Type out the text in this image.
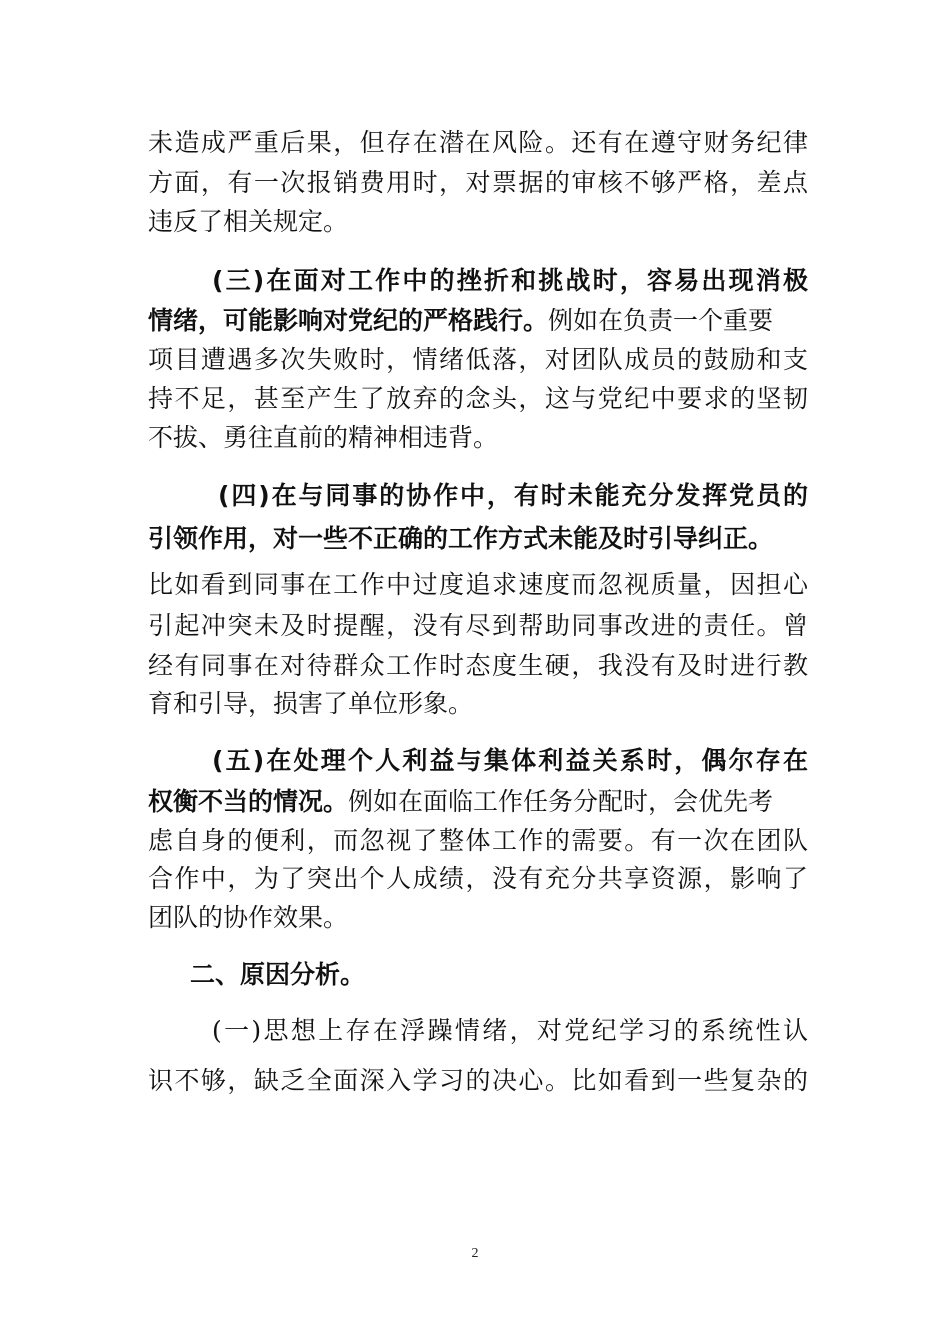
未造成严重后果，但存在潜在风险。还有在遵守财务纪律
方面，有一次报销费用时，对票据的审核不够严格，差点
违反了相关规定。
(三)在面对工作中的挫折和挑战时，容易出现消极
情绪，可能影响对党纪的严格践行。例如在负责一个重要
项目遭遇多次失败时，情绪低落，对团队成员的鼓励和支
持不足，甚至产生了放弃的念头，这与党纪中要求的坚韧
不拔、勇往直前的精神相违背。
(四)在与同事的协作中，有时未能充分发挥党员的
引领作用，对一些不正确的工作方式未能及时引导纠正。
比如看到同事在工作中过度追求速度而忽视质量，因担心
引起冲突未及时提醒，没有尽到帮助同事改进的责任。曾
经有同事在对待群众工作时态度生硬，我没有及时进行教
育和引导，损害了单位形象。
(五)在处理个人利益与集体利益关系时，偶尔存在
权衡不当的情况。例如在面临工作任务分配时，会优先考
虑自身的便利，而忽视了整体工作的需要。有一次在团队
合作中，为了突出个人成绩，没有充分共享资源，影响了
团队的协作效果。
二、原因分析。
(一)思想上存在浮躁情绪，对党纪学习的系统性认
识不够，缺乏全面深入学习的决心。比如看到一些复杂的
2
